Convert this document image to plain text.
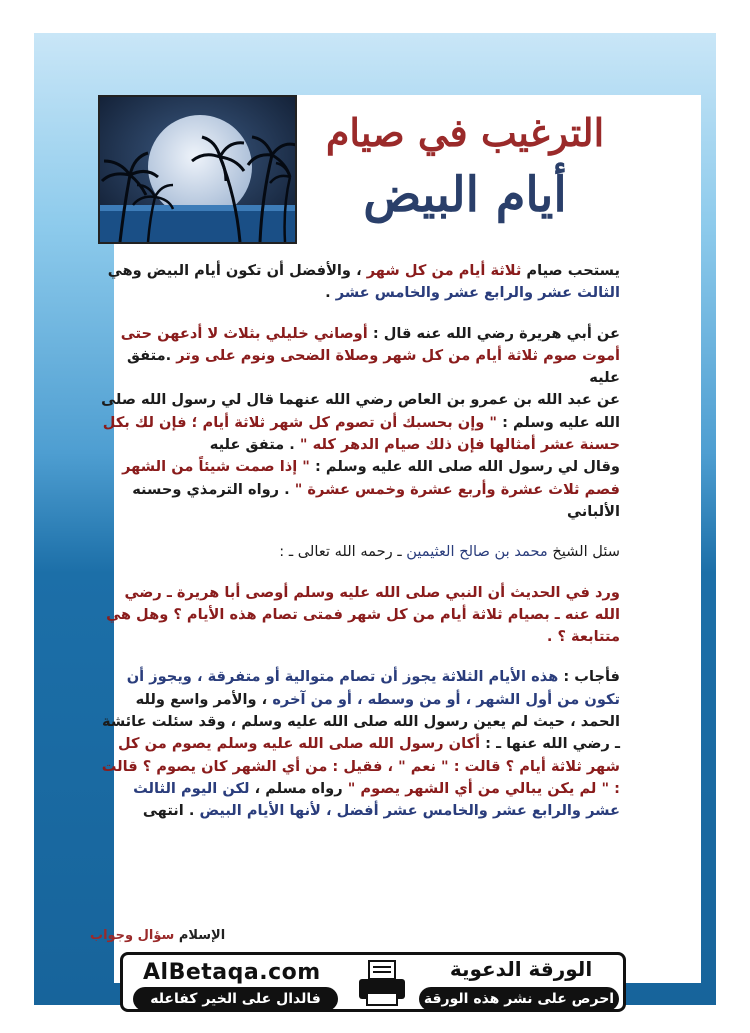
الترغيب في صيام
أيام البيض

يستحب صيام ثلاثة أيام من كل شهر ، والأفضل أن تكون أيام البيض وهي الثالث عشر والرابع عشر والخامس عشر .

عن أبي هريرة رضي الله عنه قال : أوصاني خليلي بثلاث لا أدعهن حتى أموت صوم ثلاثة أيام من كل شهر وصلاة الضحى ونوم على وتر .متفق عليه
عن عبد الله بن عمرو بن العاص رضي الله عنهما قال لي رسول الله صلى الله عليه وسلم : " وإن بحسبك أن تصوم كل شهر ثلاثة أيام ؛ فإن لك بكل حسنة عشر أمثالها فإن ذلك صيام الدهر كله " . متفق عليه
وقال لي رسول الله صلى الله عليه وسلم : " إذا صمت شيئاً من الشهر فصم ثلاث عشرة وأربع عشرة وخمس عشرة " . رواه الترمذي وحسنه الألباني

سئل الشيخ محمد بن صالح العثيمين ـ رحمه الله تعالى ـ :

ورد في الحديث أن النبي صلى الله عليه وسلم أوصى أبا هريرة ـ رضي الله عنه ـ بصيام ثلاثة أيام من كل شهر فمتى تصام هذه الأيام ؟ وهل هي متتابعة ؟ .

فأجاب : هذه الأيام الثلاثة يجوز أن تصام متوالية أو متفرقة ، ويجوز أن تكون من أول الشهر ، أو من وسطه ، أو من آخره ، والأمر واسع ولله الحمد ، حيث لم يعين رسول الله صلى الله عليه وسلم ، وقد سئلت عائشة ـ رضي الله عنها ـ : أكان رسول الله صلى الله عليه وسلم يصوم من كل شهر ثلاثة أيام ؟ قالت : " نعم " ، فقيل : من أي الشهر كان يصوم ؟ قالت : " لم يكن يبالي من أي الشهر يصوم " رواه مسلم ، لكن اليوم الثالث عشر والرابع عشر والخامس عشر أفضل ، لأنها الأيام البيض . انتهى

الإسلام سؤال وجواب
AlBetaqa.com	الورقة الدعوية
فالدال على الخير كفاعله	احرص على نشر هذه الورقة
